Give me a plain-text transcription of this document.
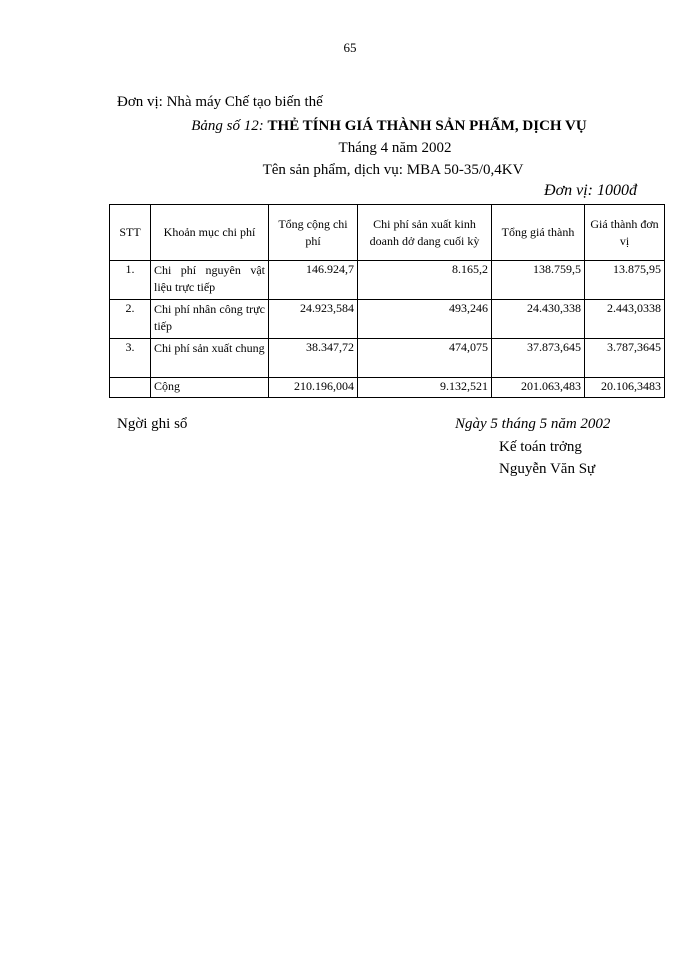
65
Đơn vị: Nhà máy Chế tạo biến thế
Bảng số 12: THẺ TÍNH GIÁ THÀNH SẢN PHẨM, DỊCH VỤ
Tháng 4 năm 2002
Tên sản phẩm, dịch vụ: MBA 50-35/0,4KV
Đơn vị: 1000đ
STT	Khoản mục chi phí	Tổng cộng chi phí	Chi phí sản xuất kinh doanh dở dang cuối kỳ	Tổng giá thành	Giá thành đơn vị
1.	Chi phí nguyên vật liệu trực tiếp	146.924,7	8.165,2	138.759,5	13.875,95
2.	Chi phí nhân công trực tiếp	24.923,584	493,246	24.430,338	2.443,0338
3.	Chi phí sản xuất chung	38.347,72	474,075	37.873,645	3.787,3645
	Cộng	210.196,004	9.132,521	201.063,483	20.106,3483
Ngời ghi sổ	Ngày 5 tháng 5 năm 2002
Kế toán trởng
Nguyễn Văn Sự
